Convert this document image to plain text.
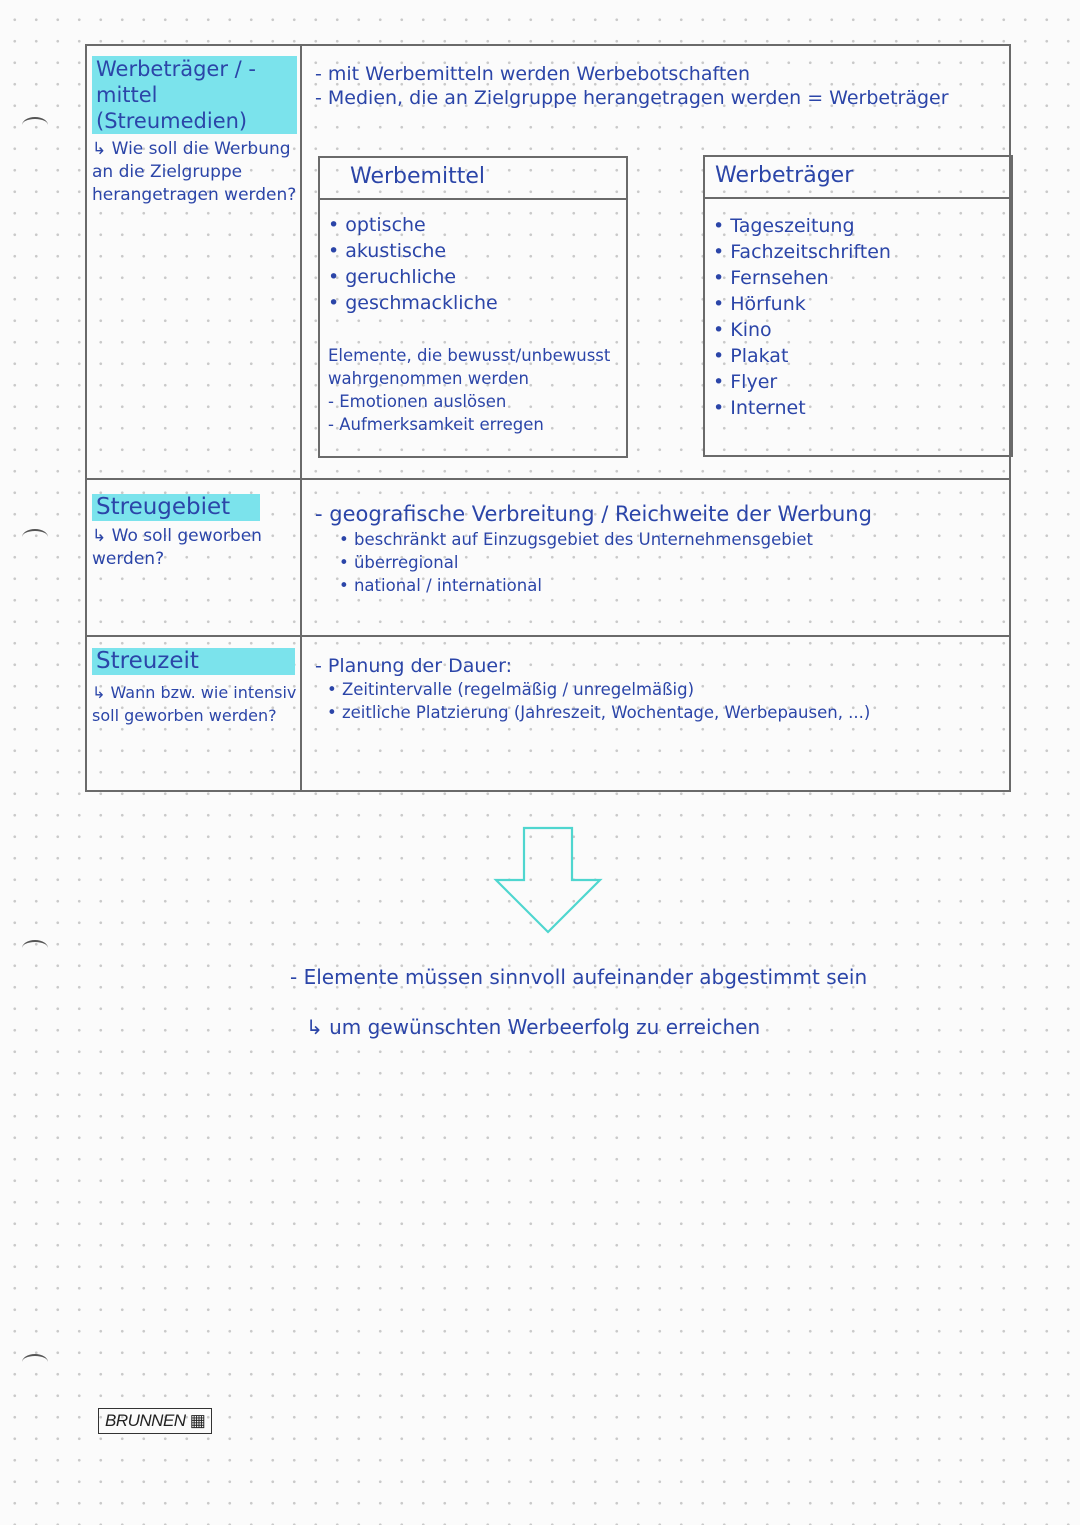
Werbeträger / -mittel (Streumedien)
↳ Wie soll die Werbung an die Zielgruppe herangetragen werden?
- mit Werbemitteln werden Werbebotschaften
- Medien, die an Zielgruppe herangetragen werden = Werbeträger
Werbemittel
• optische
• akustische
• geruchliche
• geschmackliche
Elemente, die bewusst/unbewusst
wahrgenommen werden
- Emotionen auslösen
- Aufmerksamkeit erregen
Werbeträger
• Tageszeitung
• Fachzeitschriften
• Fernsehen
• Hörfunk
• Kino
• Plakat
• Flyer
• Internet
Streugebiet
↳ Wo soll geworben werden?
- geografische Verbreitung / Reichweite der Werbung
• beschränkt auf Einzugsgebiet des Unternehmensgebiet
• überregional
• national / international
Streuzeit
↳ Wann bzw. wie intensiv soll geworben werden?
- Planung der Dauer:
• Zeitintervalle (regelmäßig / unregelmäßig)
• zeitliche Platzierung (Jahreszeit, Wochentage, Werbepausen, ...)
- Elemente müssen sinnvoll aufeinander abgestimmt sein
↳ um gewünschten Werbeerfolg zu erreichen
BRUNNEN ▦
